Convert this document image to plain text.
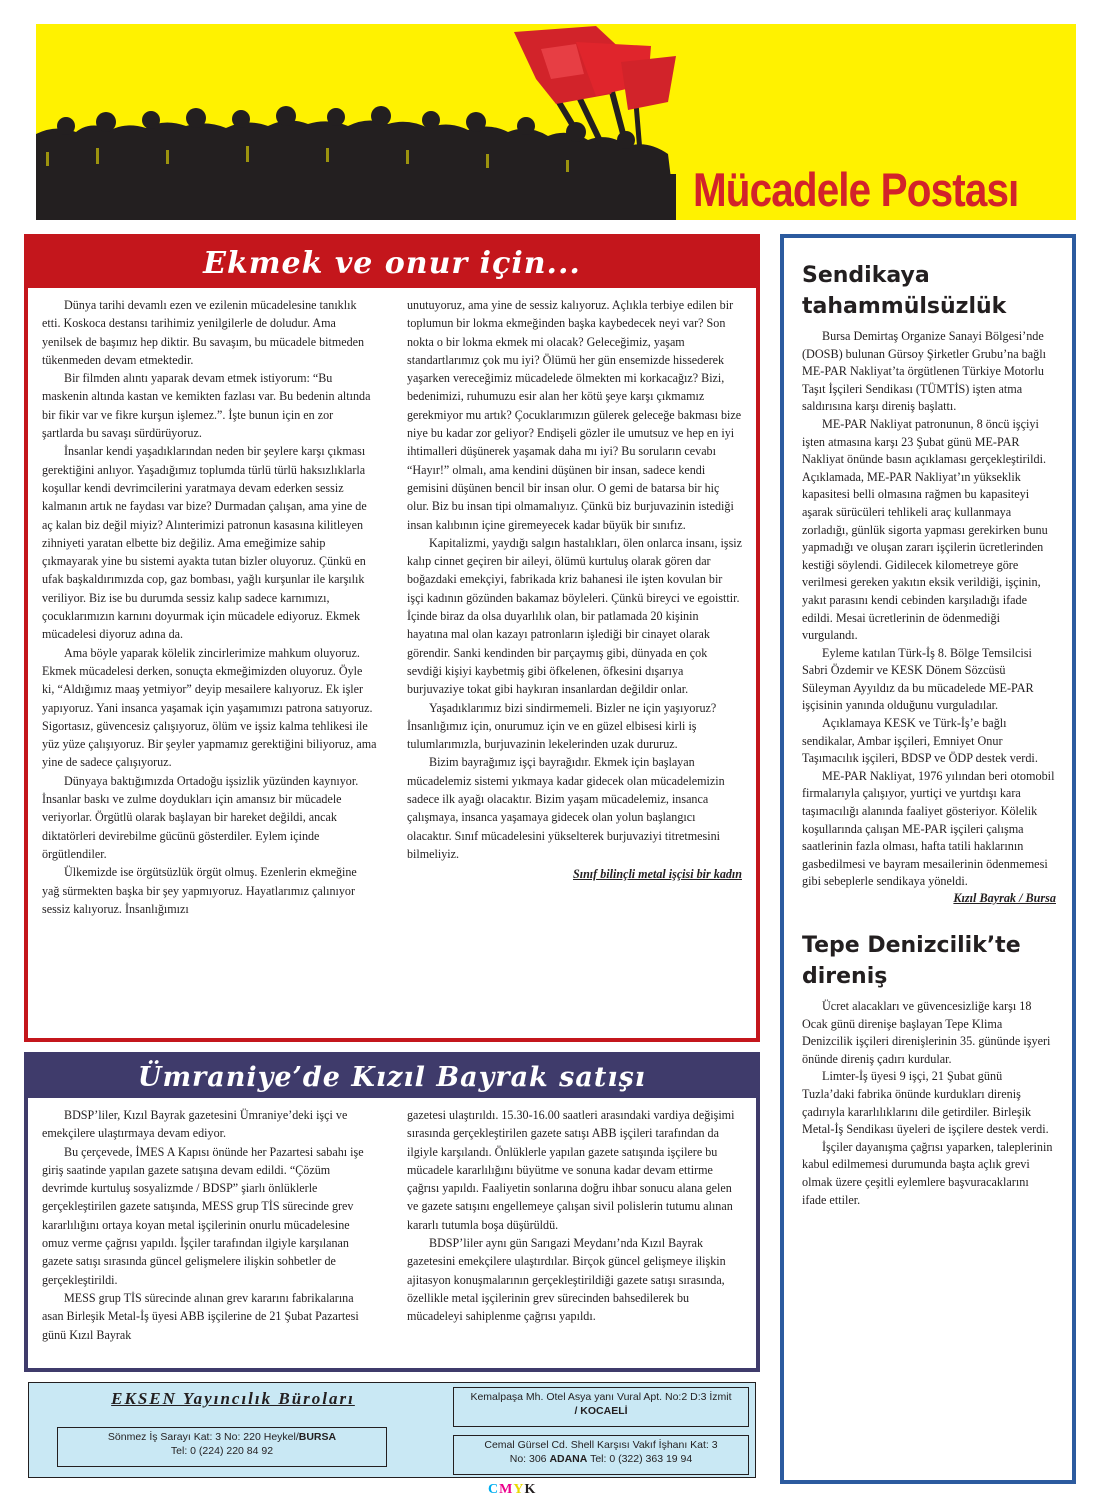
Mücadele Postası
Ekmek ve onur için...

Dünya tarihi devamlı ezen ve ezilenin mücadelesine tanıklık etti. Koskoca destansı tarihimiz yenilgilerle de doludur. Ama yenilsek de başımız hep diktir. Bu savaşım, bu mücadele bitmeden tükenmeden devam etmektedir.

Bir filmden alıntı yaparak devam etmek istiyorum: “Bu maskenin altında kastan ve kemikten fazlası var. Bu bedenin altında bir fikir var ve fikre kurşun işlemez.”. İşte bunun için en zor şartlarda bu savaşı sürdürüyoruz.

İnsanlar kendi yaşadıklarından neden bir şeylere karşı çıkması gerektiğini anlıyor. Yaşadığımız toplumda türlü türlü haksızlıklarla koşullar kendi devrimcilerini yaratmaya devam ederken sessiz kalmanın artık ne faydası var bize? Durmadan çalışan, ama yine de aç kalan biz değil miyiz? Alınterimizi patronun kasasına kilitleyen zihniyeti yaratan elbette biz değiliz. Ama emeğimize sahip çıkmayarak yine bu sistemi ayakta tutan bizler oluyoruz. Çünkü en ufak başkaldırımızda cop, gaz bombası, yağlı kurşunlar ile karşılık veriliyor. Biz ise bu durumda sessiz kalıp sadece karnımızı, çocuklarımızın karnını doyurmak için mücadele ediyoruz. Ekmek mücadelesi diyoruz adına da.

Ama böyle yaparak kölelik zincirlerimize mahkum oluyoruz. Ekmek mücadelesi derken, sonuçta ekmeğimizden oluyoruz. Öyle ki, “Aldığımız maaş yetmiyor” deyip mesailere kalıyoruz. Ek işler yapıyoruz. Yani insanca yaşamak için yaşamımızı patrona satıyoruz. Sigortasız, güvencesiz çalışıyoruz, ölüm ve işsiz kalma tehlikesi ile yüz yüze çalışıyoruz. Bir şeyler yapmamız gerektiğini biliyoruz, ama yine de sadece çalışıyoruz.

Dünyaya baktığımızda Ortadoğu işsizlik yüzünden kaynıyor. İnsanlar baskı ve zulme doydukları için amansız bir mücadele veriyorlar. Örgütlü olarak başlayan bir hareket değildi, ancak diktatörleri devirebilme gücünü gösterdiler. Eylem içinde örgütlendiler.

Ülkemizde ise örgütsüzlük örgüt olmuş. Ezenlerin ekmeğine yağ sürmekten başka bir şey yapmıyoruz. Hayatlarımız çalınıyor sessiz kalıyoruz. İnsanlığımızı

unutuyoruz, ama yine de sessiz kalıyoruz. Açlıkla terbiye edilen bir toplumun bir lokma ekmeğinden başka kaybedecek neyi var? Son nokta o bir lokma ekmek mi olacak? Geleceğimiz, yaşam standartlarımız çok mu iyi? Ölümü her gün ensemizde hissederek yaşarken vereceğimiz mücadelede ölmekten mi korkacağız? Bizi, bedenimizi, ruhumuzu esir alan her kötü şeye karşı çıkmamız gerekmiyor mu artık? Çocuklarımızın gülerek geleceğe bakması bize niye bu kadar zor geliyor? Endişeli gözler ile umutsuz ve hep en iyi ihtimalleri düşünerek yaşamak daha mı iyi? Bu soruların cevabı “Hayır!” olmalı, ama kendini düşünen bir insan, sadece kendi gemisini düşünen bencil bir insan olur. O gemi de batarsa bir hiç olur. Biz bu insan tipi olmamalıyız. Çünkü biz burjuvazinin istediği insan kalıbının içine giremeyecek kadar büyük bir sınıfız.

Kapitalizmi, yaydığı salgın hastalıkları, ölen onlarca insanı, işsiz kalıp cinnet geçiren bir aileyi, ölümü kurtuluş olarak gören dar boğazdaki emekçiyi, fabrikada kriz bahanesi ile işten kovulan bir işçi kadının gözünden bakamaz böyleleri. Çünkü bireyci ve egoisttir. İçinde biraz da olsa duyarlılık olan, bir patlamada 20 kişinin hayatına mal olan kazayı patronların işlediği bir cinayet olarak görendir. Sanki kendinden bir parçaymış gibi, dünyada en çok sevdiği kişiyi kaybetmiş gibi öfkelenen, öfkesini dışarıya burjuvaziye tokat gibi haykıran insanlardan değildir onlar.

Yaşadıklarımız bizi sindirmemeli. Bizler ne için yaşıyoruz? İnsanlığımız için, onurumuz için ve en güzel elbisesi kirli iş tulumlarımızla, burjuvazinin lekelerinden uzak dururuz.

Bizim bayrağımız işçi bayrağıdır. Ekmek için başlayan mücadelemiz sistemi yıkmaya kadar gidecek olan mücadelemizin sadece ilk ayağı olacaktır. Bizim yaşam mücadelemiz, insanca çalışmaya, insanca yaşamaya gidecek olan yolun başlangıcı olacaktır. Sınıf mücadelesini yükselterek burjuvaziyi titretmesini bilmeliyiz.

Sınıf bilinçli metal işçisi bir kadın
Ümraniye’de Kızıl Bayrak satışı

BDSP’liler, Kızıl Bayrak gazetesini Ümraniye’deki işçi ve emekçilere ulaştırmaya devam ediyor.

Bu çerçevede, İMES A Kapısı önünde her Pazartesi sabahı işe giriş saatinde yapılan gazete satışına devam edildi. “Çözüm devrimde kurtuluş sosyalizmde / BDSP” şiarlı önlüklerle gerçekleştirilen gazete satışında, MESS grup TİS sürecinde grev kararlılığını ortaya koyan metal işçilerinin onurlu mücadelesine omuz verme çağrısı yapıldı. İşçiler tarafından ilgiyle karşılanan gazete satışı sırasında güncel gelişmelere ilişkin sohbetler de gerçekleştirildi.

MESS grup TİS sürecinde alınan grev kararını fabrikalarına asan Birleşik Metal-İş üyesi ABB işçilerine de 21 Şubat Pazartesi günü Kızıl Bayrak

gazetesi ulaştırıldı. 15.30-16.00 saatleri arasındaki vardiya değişimi sırasında gerçekleştirilen gazete satışı ABB işçileri tarafından da ilgiyle karşılandı. Önlüklerle yapılan gazete satışında işçilere bu mücadele kararlılığını büyütme ve sonuna kadar devam ettirme çağrısı yapıldı. Faaliyetin sonlarına doğru ihbar sonucu alana gelen ve gazete satışını engellemeye çalışan sivil polislerin tutumu alınan kararlı tutumla boşa düşürüldü.

BDSP’liler aynı gün Sarıgazi Meydanı’nda Kızıl Bayrak gazetesini emekçilere ulaştırdılar. Birçok güncel gelişmeye ilişkin ajitasyon konuşmalarının gerçekleştirildiği gazete satışı sırasında, özellikle metal işçilerinin grev sürecinden bahsedilerek bu mücadeleyi sahiplenme çağrısı yapıldı.

Sendikaya tahammülsüzlük

Bursa Demirtaş Organize Sanayi Bölgesi’nde (DOSB) bulunan Gürsoy Şirketler Grubu’na bağlı ME-PAR Nakliyat’ta örgütlenen Türkiye Motorlu Taşıt İşçileri Sendikası (TÜMTİS) işten atma saldırısına karşı direniş başlattı.

ME-PAR Nakliyat patronunun, 8 öncü işçiyi işten atmasına karşı 23 Şubat günü ME-PAR Nakliyat önünde basın açıklaması gerçekleştirildi. Açıklamada, ME-PAR Nakliyat’ın yükseklik kapasitesi belli olmasına rağmen bu kapasiteyi aşarak sürücüleri tehlikeli araç kullanmaya zorladığı, günlük sigorta yapması gerekirken bunu yapmadığı ve oluşan zararı işçilerin ücretlerinden kestiği söylendi. Gidilecek kilometreye göre verilmesi gereken yakıtın eksik verildiği, işçinin, yakıt parasını kendi cebinden karşıladığı ifade edildi. Mesai ücretlerinin de ödenmediği vurgulandı.

Eyleme katılan Türk-İş 8. Bölge Temsilcisi Sabri Özdemir ve KESK Dönem Sözcüsü Süleyman Ayyıldız da bu mücadelede ME-PAR işçisinin yanında olduğunu vurguladılar.

Açıklamaya KESK ve Türk-İş’e bağlı sendikalar, Ambar işçileri, Emniyet Onur Taşımacılık işçileri, BDSP ve ÖDP destek verdi.

ME-PAR Nakliyat, 1976 yılından beri otomobil firmalarıyla çalışıyor, yurtiçi ve yurtdışı kara taşımacılığı alanında faaliyet gösteriyor. Kölelik koşullarında çalışan ME-PAR işçileri çalışma saatlerinin fazla olması, hafta tatili haklarının gasbedilmesi ve bayram mesailerinin ödenmemesi gibi sebeplerle sendikaya yöneldi.

Kızıl Bayrak / Bursa
Tepe Denizcilik’te direniş

Ücret alacakları ve güvencesizliğe karşı 18 Ocak günü direnişe başlayan Tepe Klima Denizcilik işçileri direnişlerinin 35. gününde işyeri önünde direniş çadırı kurdular.

Limter-İş üyesi 9 işçi, 21 Şubat günü Tuzla’daki fabrika önünde kurdukları direniş çadırıyla kararlılıklarını dile getirdiler. Birleşik Metal-İş Sendikası üyeleri de işçilere destek verdi.

İşçiler dayanışma çağrısı yaparken, taleplerinin kabul edilmemesi durumunda başta açlık grevi olmak üzere çeşitli eylemlere başvuracaklarını ifade ettiler.

EKSEN Yayıncılık Büroları
Sönmez İş Sarayı Kat: 3 No: 220 Heykel/BURSA
Tel: 0 (224) 220 84 92
Kemalpaşa Mh. Otel Asya yanı Vural Apt. No:2 D:3 İzmit
/ KOCAELİ
Cemal Gürsel Cd. Shell Karşısı Vakıf İşhanı Kat: 3
No: 306 ADANA Tel: 0 (322) 363 19 94
CMYK
